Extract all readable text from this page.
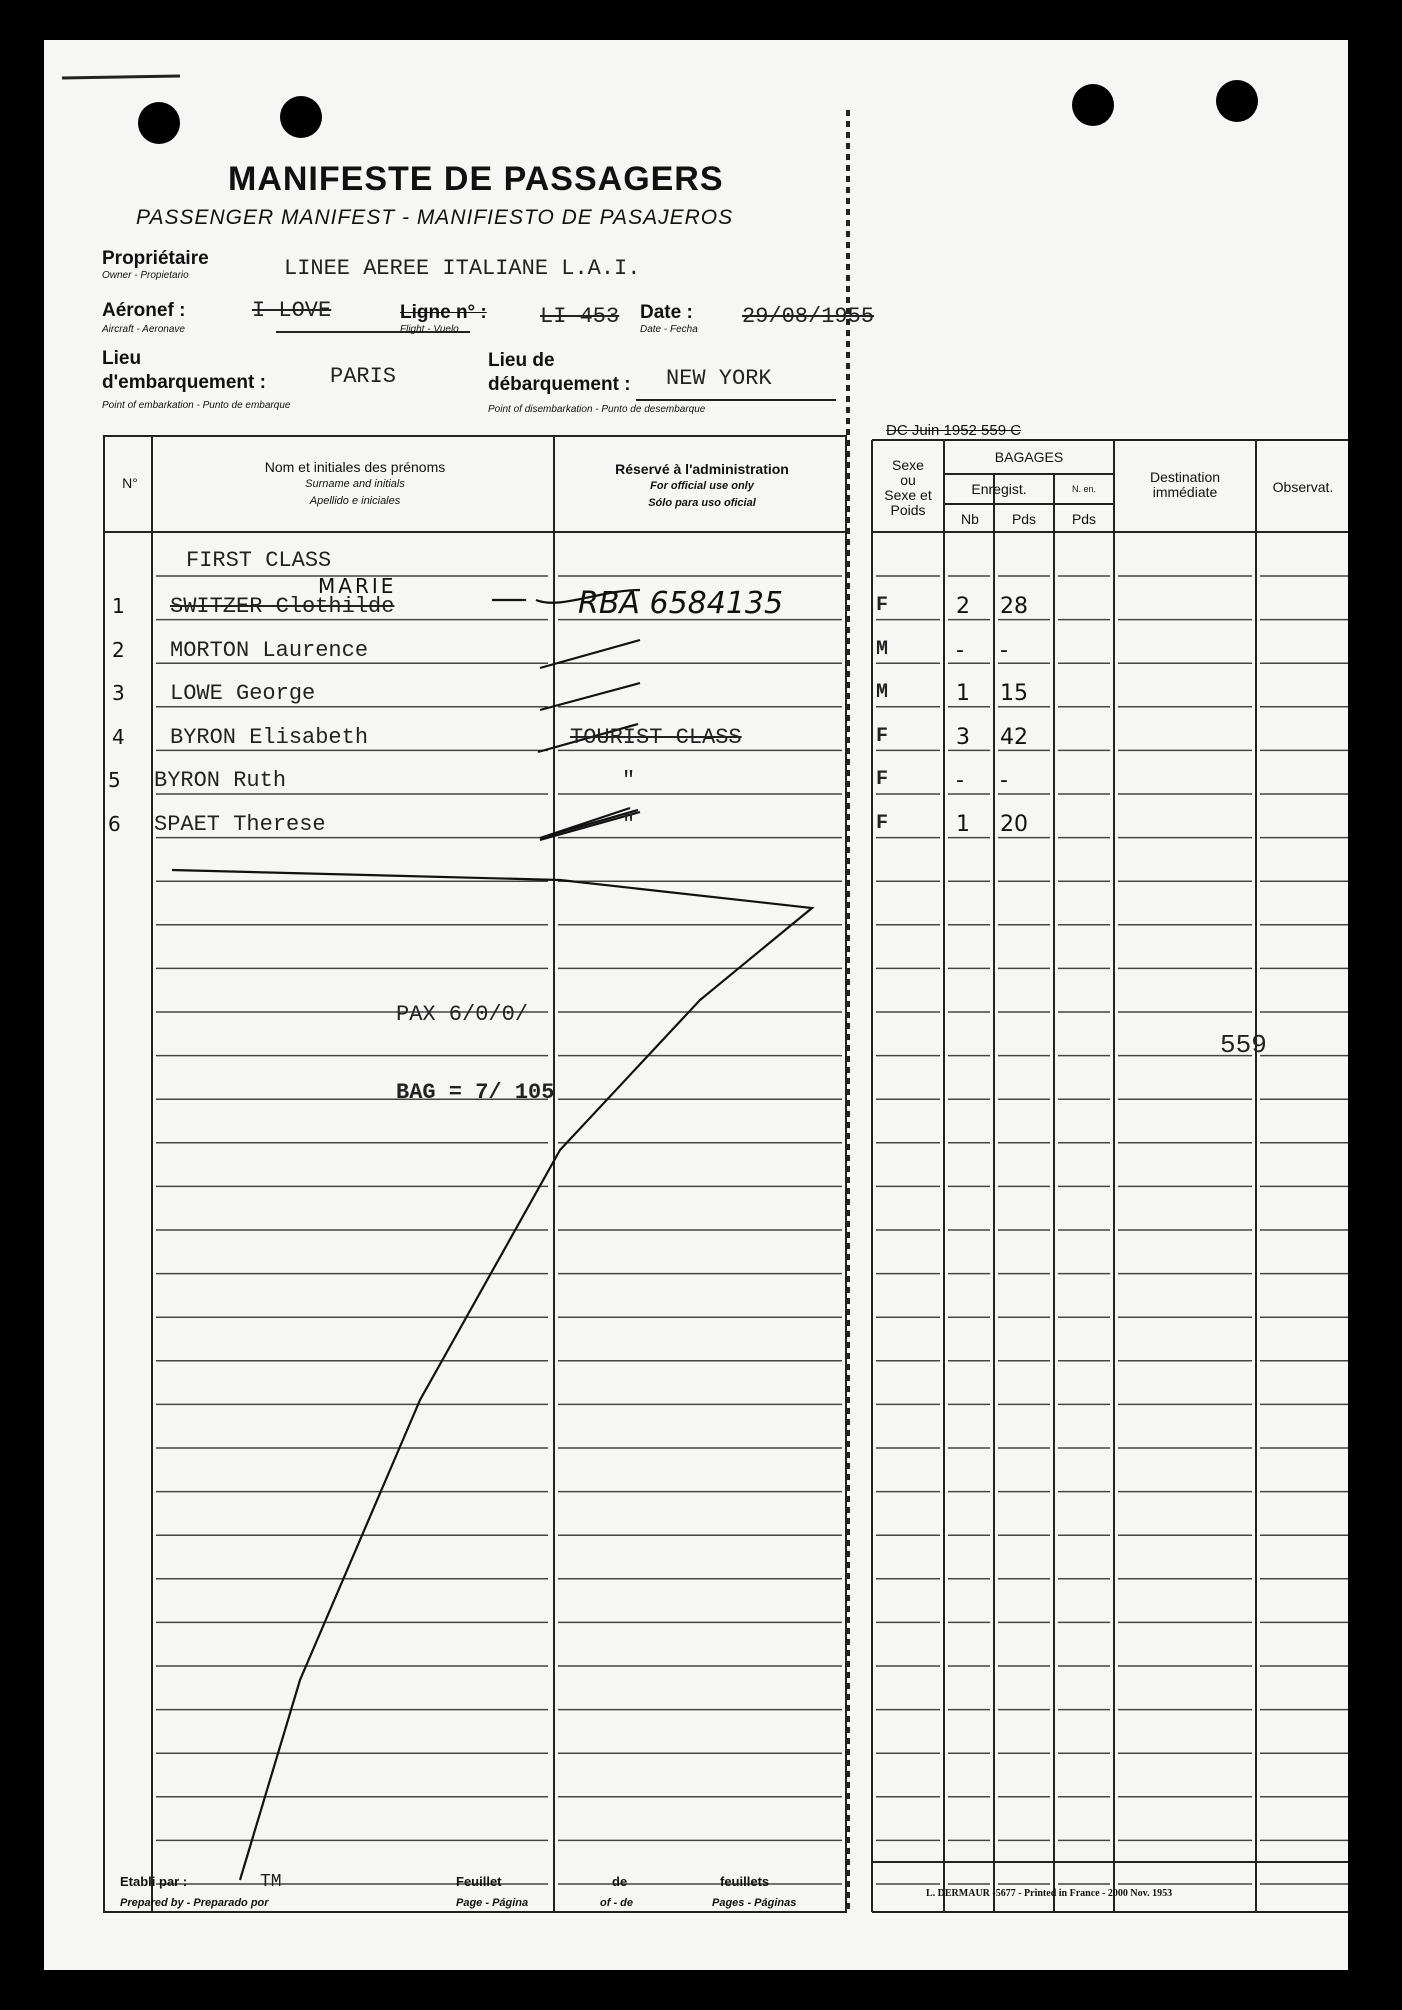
MANIFESTE DE PASSAGERS
PASSENGER MANIFEST - MANIFIESTO DE PASAJEROS
Propriétaire
Owner - Propietario	LINEE AEREE ITALIANE L.A.I.
Aéronef :
Aircraft - Aeronave
I LOVE	Ligne n° :
Flight - Vuelo
LI 453 Date :
Date - Fecha
29/08/1955
Lieu
d'embarquement :
Point of embarkation - Punto de embarque
PARIS
Lieu de
débarquement :
Point of disembarkation - Punto de desembarque
NEW YORK
DC Juin 1952 559 C
N°
Nom et initiales des prénoms
Surname and initials
Apellido e iniciales
Réservé à l'administration
For official use only
Sólo para uso oficial
Sexe
ou
Sexe et
Poids
BAGAGES
Enregist.	N. en.
Nb	Pds	Pds
Destination
immédiate	Observat.
FIRST CLASS
MARIE	RBA 6584135
1 SWITZER Clothilde	F	2 28
2 MORTON Laurence	M	- -
3 LOWE George	M	1 15
4 BYRON Elisabeth	TOURIST CLASS	F	3 42
5 BYRON Ruth	"	F	- -
6 SPAET Therese	"	F	1 20
PAX 6/0/0/
BAG = 7/ 105
559
Etabli par :
Prepared by - Preparado por
TM	Feuillet
Page - Página
de
of - de
feuillets
Pages - Páginas
L. DERMAUR -5677 - Printed in France - 2000 Nov. 1953
